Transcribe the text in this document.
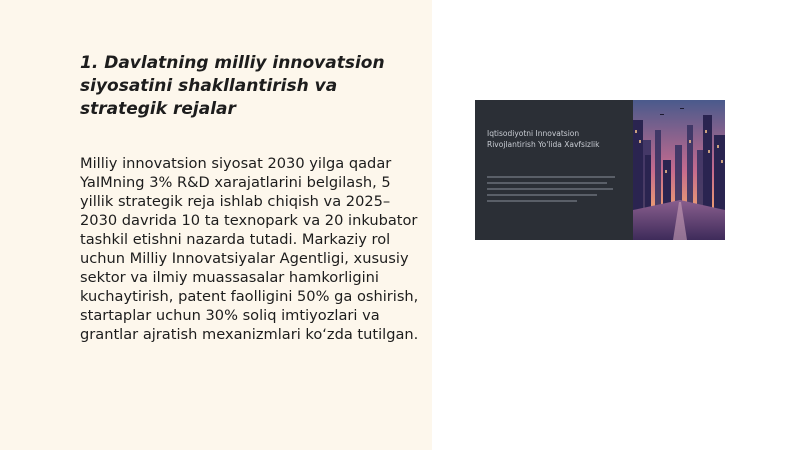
1. Davlatning milliy innovatsion siyosatini shakllantirish va strategik rejalar

Milliy innovatsion siyosat 2030 yilga qadar YaIMning 3% R&D xarajatlarini belgilash, 5 yillik strategik reja ishlab chiqish va 2025–2030 davrida 10 ta texnopark va 20 inkubator tashkil etishni nazarda tutadi. Markaziy rol uchun Milliy Innovatsiyalar Agentligi, xususiy sektor va ilmiy muassasalar hamkorligini kuchaytirish, patent faolligini 50% ga oshirish, startaplar uchun 30% soliq imtiyozlari va grantlar ajratish mexanizmlari ko‘zda tutilgan.

Iqtisodiyotni Innovatsion Rivojlantirish Yo'lida Xavfsizlik
